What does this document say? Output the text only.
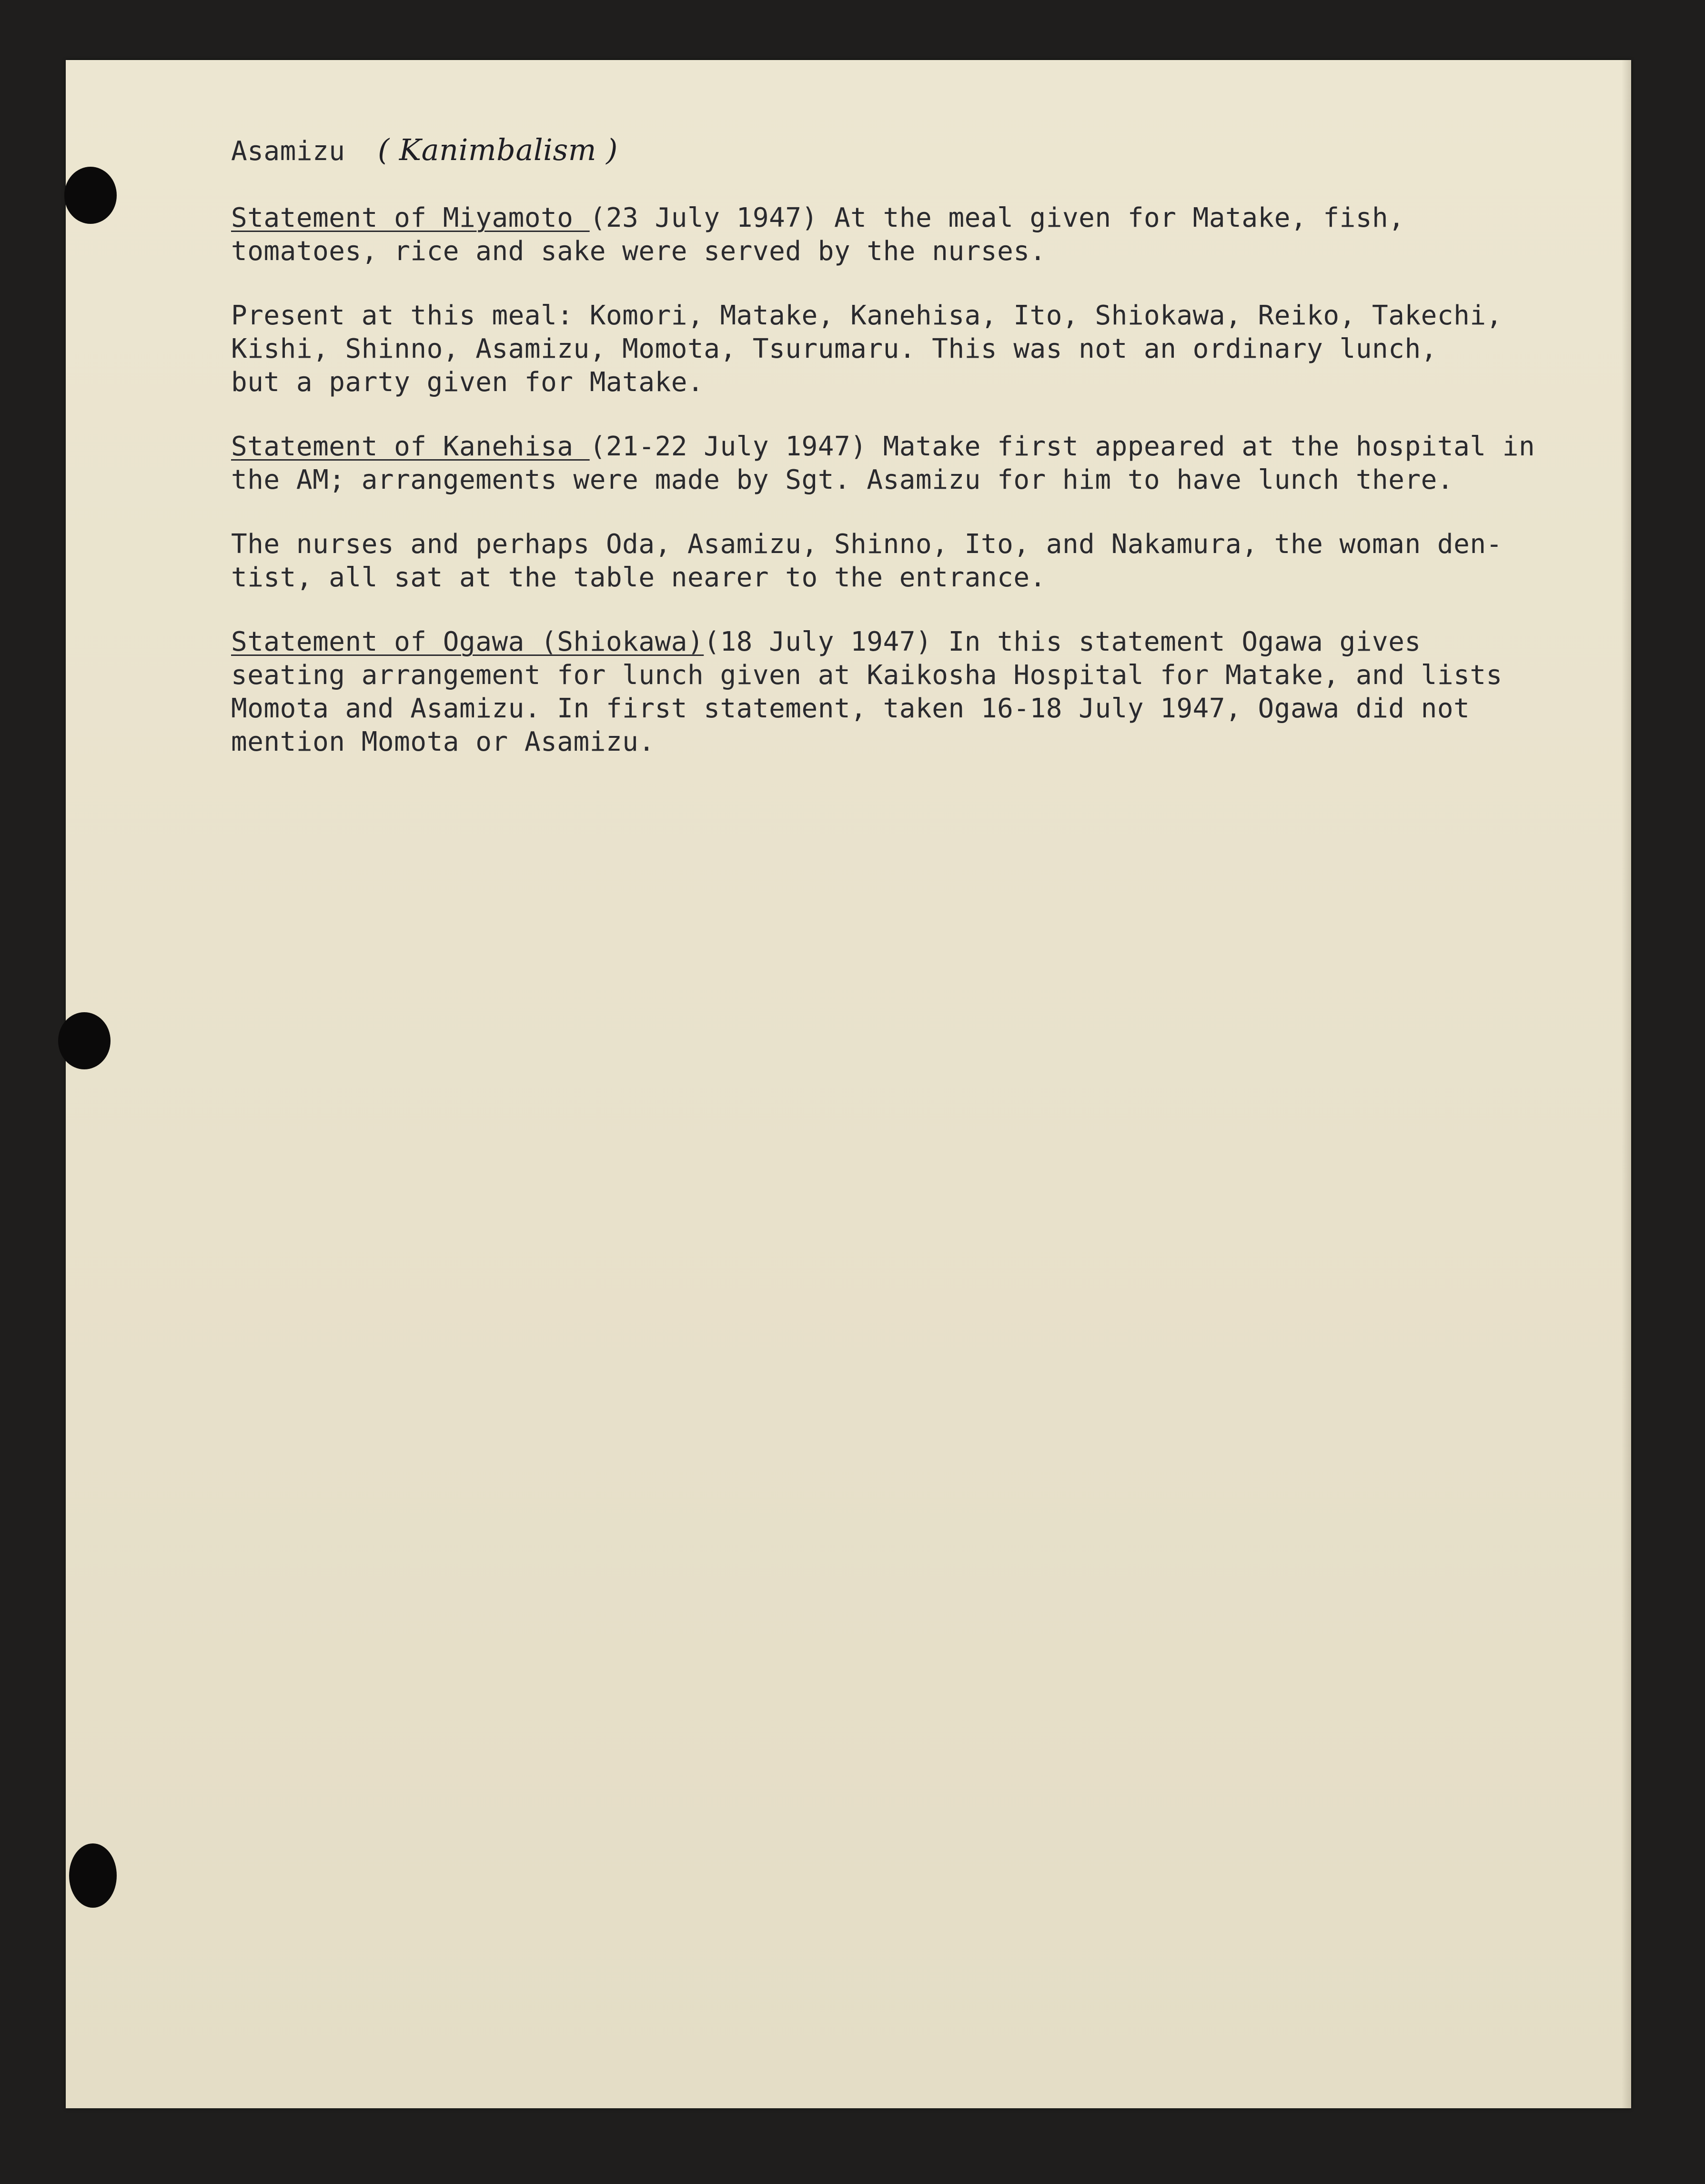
Asamizu ( Kanimbalism )

Statement of Miyamoto (23 July 1947) At the meal given for Matake, fish,
tomatoes, rice and sake were served by the nurses.

Present at this meal: Komori, Matake, Kanehisa, Ito, Shiokawa, Reiko, Takechi,
Kishi, Shinno, Asamizu, Momota, Tsurumaru. This was not an ordinary lunch,
but a party given for Matake.

Statement of Kanehisa (21-22 July 1947) Matake first appeared at the hospital in
the AM; arrangements were made by Sgt. Asamizu for him to have lunch there.

The nurses and perhaps Oda, Asamizu, Shinno, Ito, and Nakamura, the woman den-
tist, all sat at the table nearer to the entrance.

Statement of Ogawa (Shiokawa)(18 July 1947) In this statement Ogawa gives
seating arrangement for lunch given at Kaikosha Hospital for Matake, and lists
Momota and Asamizu. In first statement, taken 16-18 July 1947, Ogawa did not
mention Momota or Asamizu.
